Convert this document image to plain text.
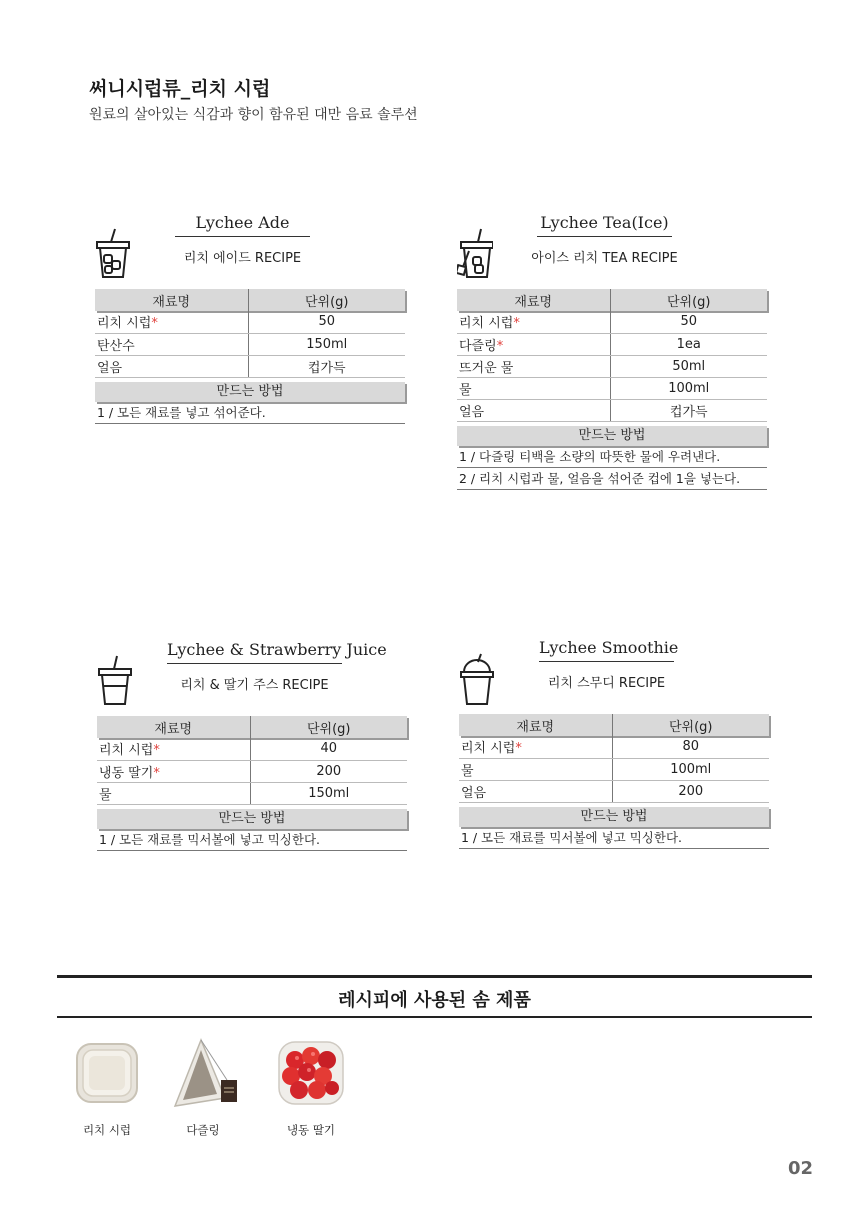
써니시럽류_리치 시럽
원료의 살아있는 식감과 향이 함유된 대만 음료 솔루션
Lychee Ade
리치 에이드 RECIPE
재료명	단위(g)
리치 시럽*	50
탄산수	150ml
얼음	컵가득
만드는 방법
1 / 모든 재료를 넣고 섞어준다.
Lychee Tea(Ice)
아이스 리치 TEA RECIPE
재료명	단위(g)
리치 시럽*	50
다즐링*	1ea
뜨거운 물	50ml
물	100ml
얼음	컵가득
만드는 방법
1 / 다즐링 티백을 소량의 따뜻한 물에 우려낸다.
2 / 리치 시럽과 물, 얼음을 섞어준 컵에 1을 넣는다.
Lychee & Strawberry Juice
리치 & 딸기 주스 RECIPE
재료명	단위(g)
리치 시럽*	40
냉동 딸기*	200
물	150ml
만드는 방법
1 / 모든 재료를 믹서볼에 넣고 믹싱한다.
Lychee Smoothie
리치 스무디 RECIPE
재료명	단위(g)
리치 시럽*	80
물	100ml
얼음	200
만드는 방법
1 / 모든 재료를 믹서볼에 넣고 믹싱한다.
레시피에 사용된 솜 제품
리치 시럽	다즐링	냉동 딸기
02
